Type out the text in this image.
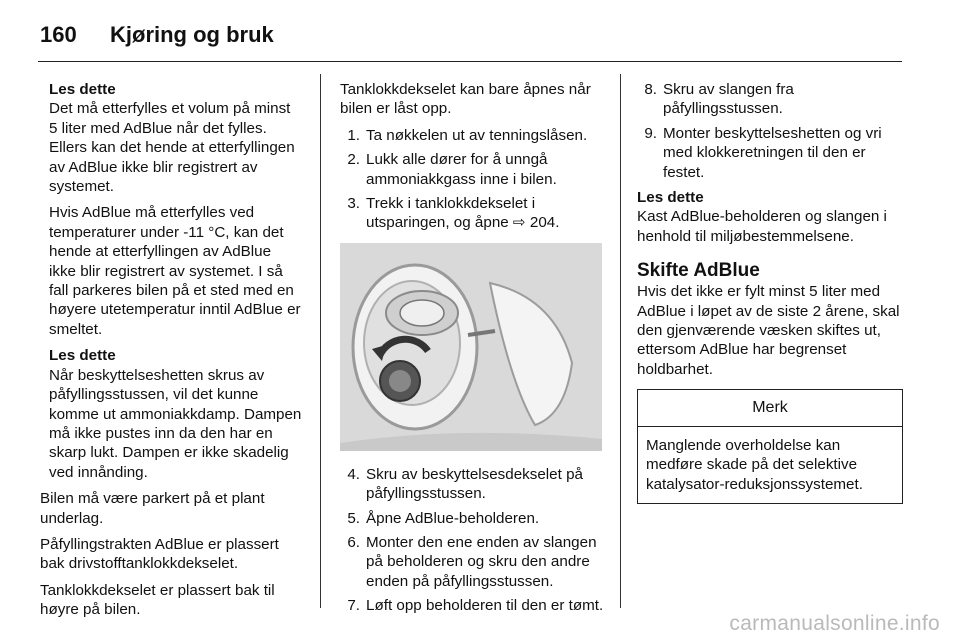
160	Kjøring og bruk

Les dette

Det må etterfylles et volum på minst 5 liter med AdBlue når det fylles. Ellers kan det hende at etterfyllingen av AdBlue ikke blir registrert av systemet.

Hvis AdBlue må etterfylles ved temperaturer under -11 °C, kan det hende at etterfyllingen av AdBlue ikke blir registrert av systemet. I så fall parkeres bilen på et sted med en høyere utetemperatur inntil AdBlue er smeltet.

Les dette

Når beskyttelseshetten skrus av påfyllingsstussen, vil det kunne komme ut ammoniakkdamp. Dampen må ikke pustes inn da den har en skarp lukt. Dampen er ikke skadelig ved innånding.

Bilen må være parkert på et plant underlag.

Påfyllingstrakten AdBlue er plassert bak drivstofftanklokkdekselet.

Tanklokkdekselet er plassert bak til høyre på bilen.

Tanklokkdekselet kan bare åpnes når bilen er låst opp.

1. Ta nøkkelen ut av tenningslåsen.
2. Lukk alle dører for å unngå ammoniakkgass inne i bilen.
3. Trekk i tanklokkdekselet i utsparingen, og åpne ⇨ 204.
4. Skru av beskyttelsesdekselet på påfyllingsstussen.
5. Åpne AdBlue-beholderen.
6. Monter den ene enden av slangen på beholderen og skru den andre enden på påfyllingsstussen.
7. Løft opp beholderen til den er tømt.
8. Skru av slangen fra påfyllingsstussen.
9. Monter beskyttelseshetten og vri med klokkeretningen til den er festet.

Les dette

Kast AdBlue-beholderen og slangen i henhold til miljøbestemmelsene.

Skifte AdBlue

Hvis det ikke er fylt minst 5 liter med AdBlue i løpet av de siste 2 årene, skal den gjenværende væsken skiftes ut, ettersom AdBlue har begrenset holdbarhet.

Merk
Manglende overholdelse kan medføre skade på det selektive katalysator-reduksjonssystemet.
carmanualsonline.info
